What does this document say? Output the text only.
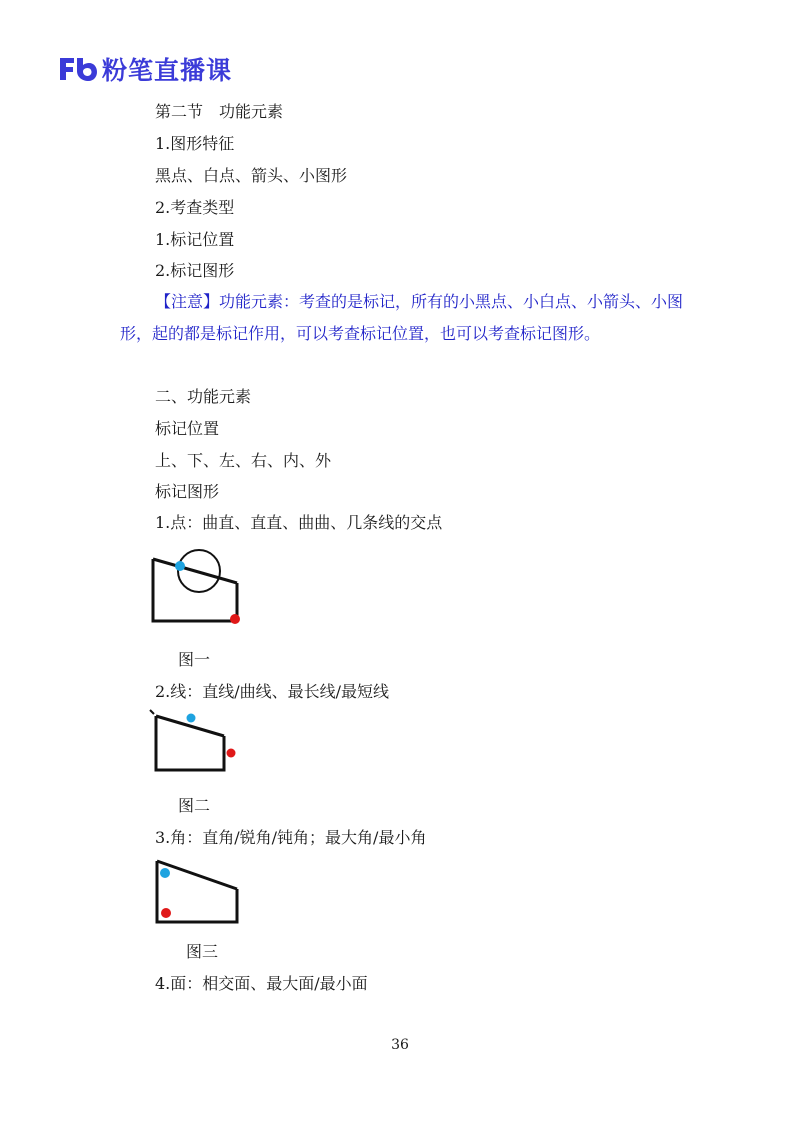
粉笔直播课
第二节　功能元素
1.图形特征
黑点、白点、箭头、小图形
2.考查类型
1.标记位置
2.标记图形
【注意】功能元素：考查的是标记，所有的小黑点、小白点、小箭头、小图
形，起的都是标记作用，可以考查标记位置，也可以考查标记图形。
二、功能元素
标记位置
上、下、左、右、内、外
标记图形
1.点：曲直、直直、曲曲、几条线的交点
图一
2.线：直线/曲线、最长线/最短线
图二
3.角：直角/锐角/钝角；最大角/最小角
图三
4.面：相交面、最大面/最小面
36
